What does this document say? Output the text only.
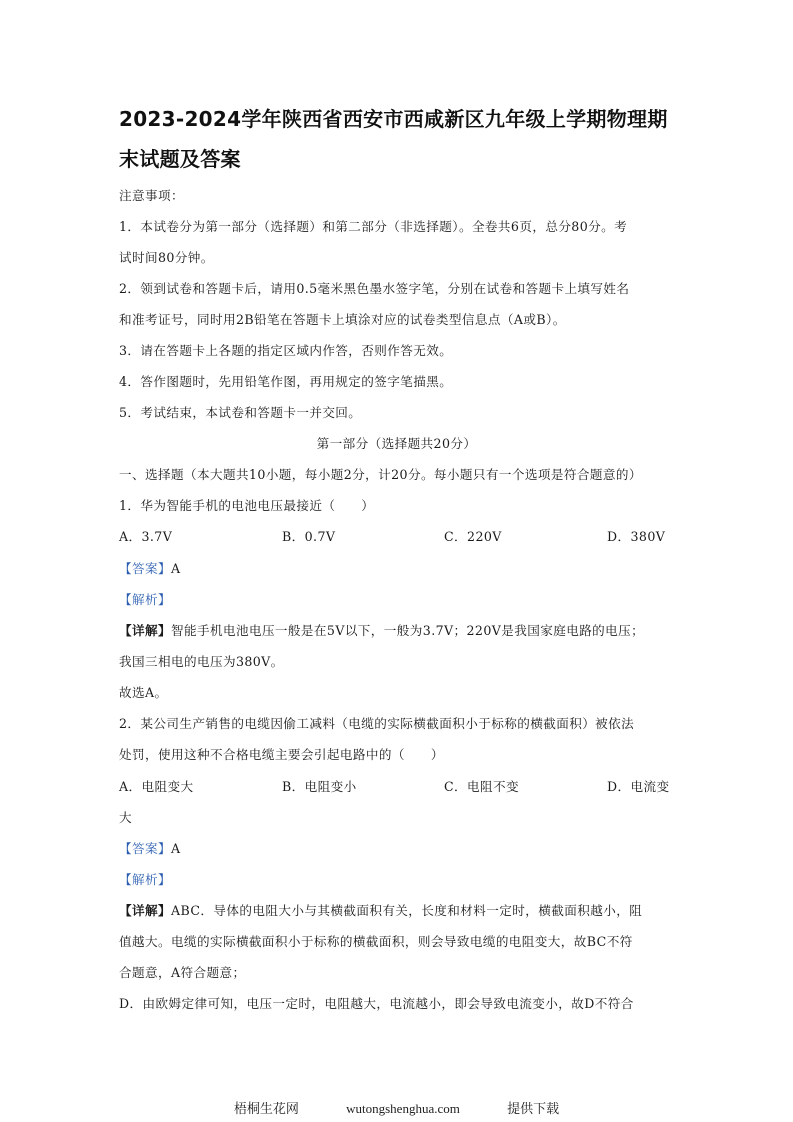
2023-2024学年陕西省西安市西咸新区九年级上学期物理期
末试题及答案
注意事项：
1．本试卷分为第一部分（选择题）和第二部分（非选择题）。全卷共6页，总分80分。考
试时间80分钟。
2．领到试卷和答题卡后，请用0.5毫米黑色墨水签字笔，分别在试卷和答题卡上填写姓名
和准考证号，同时用2B铅笔在答题卡上填涂对应的试卷类型信息点（A或B）。
3．请在答题卡上各题的指定区域内作答，否则作答无效。
4．答作图题时，先用铅笔作图，再用规定的签字笔描黑。
5．考试结束，本试卷和答题卡一并交回。
第一部分（选择题共20分）
一、选择题（本大题共10小题，每小题2分，计20分。每小题只有一个选项是符合题意的）
1．华为智能手机的电池电压最接近（　　）
A．3.7V	B．0.7V	C．220V	D．380V
【答案】A
【解析】
【详解】智能手机电池电压一般是在5V以下，一般为3.7V；220V是我国家庭电路的电压；
我国三相电的电压为380V。
故选A。
2．某公司生产销售的电缆因偷工减料（电缆的实际横截面积小于标称的横截面积）被依法
处罚，使用这种不合格电缆主要会引起电路中的（　　）
A．电阻变大	B．电阻变小	C．电阻不变	D．电流变
大
【答案】A
【解析】
【详解】ABC．导体的电阻大小与其横截面积有关，长度和材料一定时，横截面积越小，阻
值越大。电缆的实际横截面积小于标称的横截面积，则会导致电缆的电阻变大，故BC不符
合题意，A符合题意；
D．由欧姆定律可知，电压一定时，电阻越大，电流越小，即会导致电流变小，故D不符合
梧桐生花网	wutongshenghua.com	提供下载
